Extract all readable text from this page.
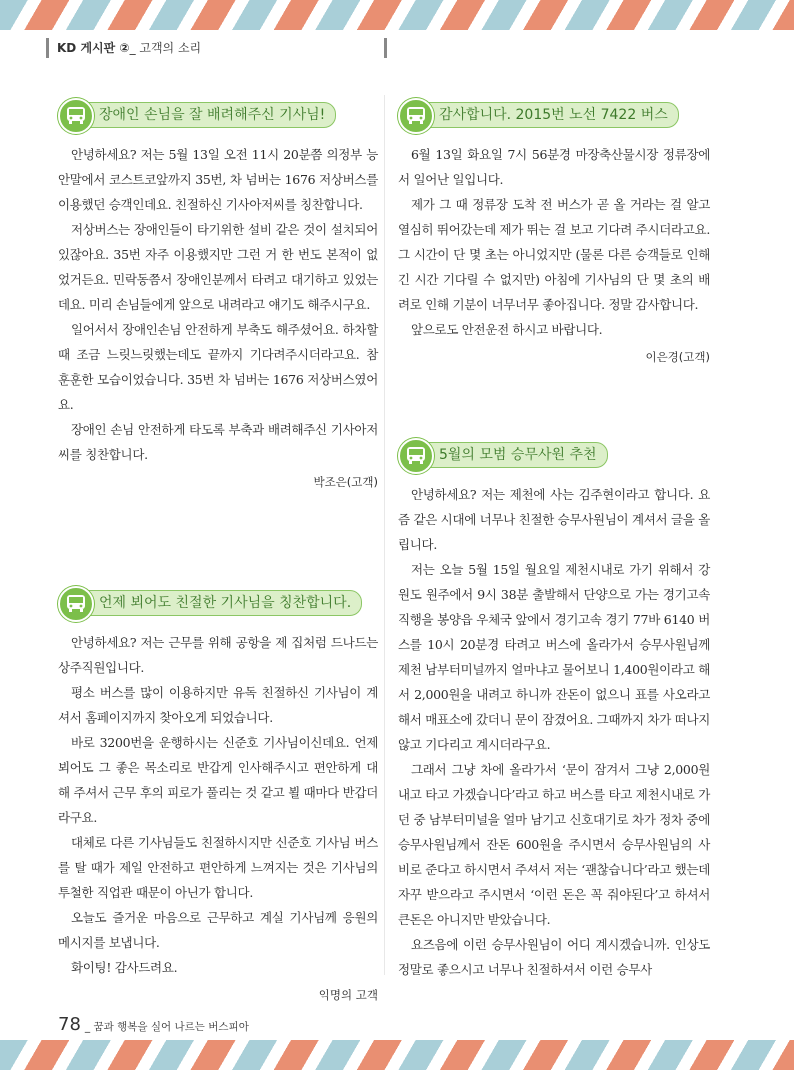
KD 게시판 ②_ 고객의 소리
장애인 손님을 잘 배려해주신 기사님!

안녕하세요? 저는 5월 13일 오전 11시 20분쯤 의정부 능안말에서 코스트코앞까지 35번, 차 넘버는 1676 저상버스를 이용했던 승객인데요. 친절하신 기사아저씨를 칭찬합니다.

저상버스는 장애인들이 타기위한 설비 같은 것이 설치되어있잖아요. 35번 자주 이용했지만 그런 거 한 번도 본적이 없었거든요. 민락동쯤서 장애인분께서 타려고 대기하고 있었는데요. 미리 손님들에게 앞으로 내려라고 얘기도 해주시구요.

일어서서 장애인손님 안전하게 부축도 해주셨어요. 하차할 때 조금 느릿느릿했는데도 끝까지 기다려주시더라고요. 참 훈훈한 모습이었습니다. 35번 차 넘버는 1676 저상버스였어요.

장애인 손님 안전하게 타도록 부축과 배려해주신 기사아저씨를 칭찬합니다.

박조은(고객)
언제 뵈어도 친절한 기사님을 칭찬합니다.

안녕하세요? 저는 근무를 위해 공항을 제 집처럼 드나드는 상주직원입니다.

평소 버스를 많이 이용하지만 유독 친절하신 기사님이 계셔서 홈페이지까지 찾아오게 되었습니다.

바로 3200번을 운행하시는 신준호 기사님이신데요. 언제 뵈어도 그 좋은 목소리로 반갑게 인사해주시고 편안하게 대해 주셔서 근무 후의 피로가 풀리는 것 같고 뵐 때마다 반갑더라구요.

대체로 다른 기사님들도 친절하시지만 신준호 기사님 버스를 탈 때가 제일 안전하고 편안하게 느껴지는 것은 기사님의 투철한 직업관 때문이 아닌가 합니다.

오늘도 즐거운 마음으로 근무하고 계실 기사님께 응원의 메시지를 보냅니다.

화이팅! 감사드려요.

익명의 고객
감사합니다. 2015번 노선 7422 버스

6월 13일 화요일 7시 56분경 마장축산물시장 정류장에서 일어난 일입니다.

제가 그 때 정류장 도착 전 버스가 곧 올 거라는 걸 알고 열심히 뛰어갔는데 제가 뛰는 걸 보고 기다려 주시더라고요. 그 시간이 단 몇 초는 아니었지만 (물론 다른 승객들로 인해 긴 시간 기다릴 수 없지만) 아침에 기사님의 단 몇 초의 배려로 인해 기분이 너무너무 좋아집니다. 정말 감사합니다.

앞으로도 안전운전 하시고 바랍니다.

이은경(고객)
5월의 모범 승무사원 추천

안녕하세요? 저는 제천에 사는 김주현이라고 합니다. 요즘 같은 시대에 너무나 친절한 승무사원님이 계셔서 글을 올립니다.

저는 오늘 5월 15일 월요일 제천시내로 가기 위해서 강원도 원주에서 9시 38분 출발해서 단양으로 가는 경기고속 직행을 봉양읍 우체국 앞에서 경기고속 경기 77바 6140 버스를 10시 20분경 타려고 버스에 올라가서 승무사원님께 제천 남부터미널까지 얼마냐고 물어보니 1,400원이라고 해서 2,000원을 내려고 하니까 잔돈이 없으니 표를 사오라고 해서 매표소에 갔더니 문이 잠겼어요. 그때까지 차가 떠나지 않고 기다리고 계시더라구요.

그래서 그냥 차에 올라가서 ‘문이 잠겨서 그냥 2,000원 내고 타고 가겠습니다’라고 하고 버스를 타고 제천시내로 가던 중 남부터미널을 얼마 남기고 신호대기로 차가 정차 중에 승무사원님께서 잔돈 600원을 주시면서 승무사원님의 사비로 준다고 하시면서 주셔서 저는 ‘괜찮습니다’라고 했는데 자꾸 받으라고 주시면서 ‘이런 돈은 꼭 줘야된다’고 하셔서 큰돈은 아니지만 받았습니다.

요즈음에 이런 승무사원님이 어디 계시겠습니까. 인상도 정말로 좋으시고 너무나 친절하셔서 이런 승무사

78 _ 꿈과 행복을 실어 나르는 버스피아
